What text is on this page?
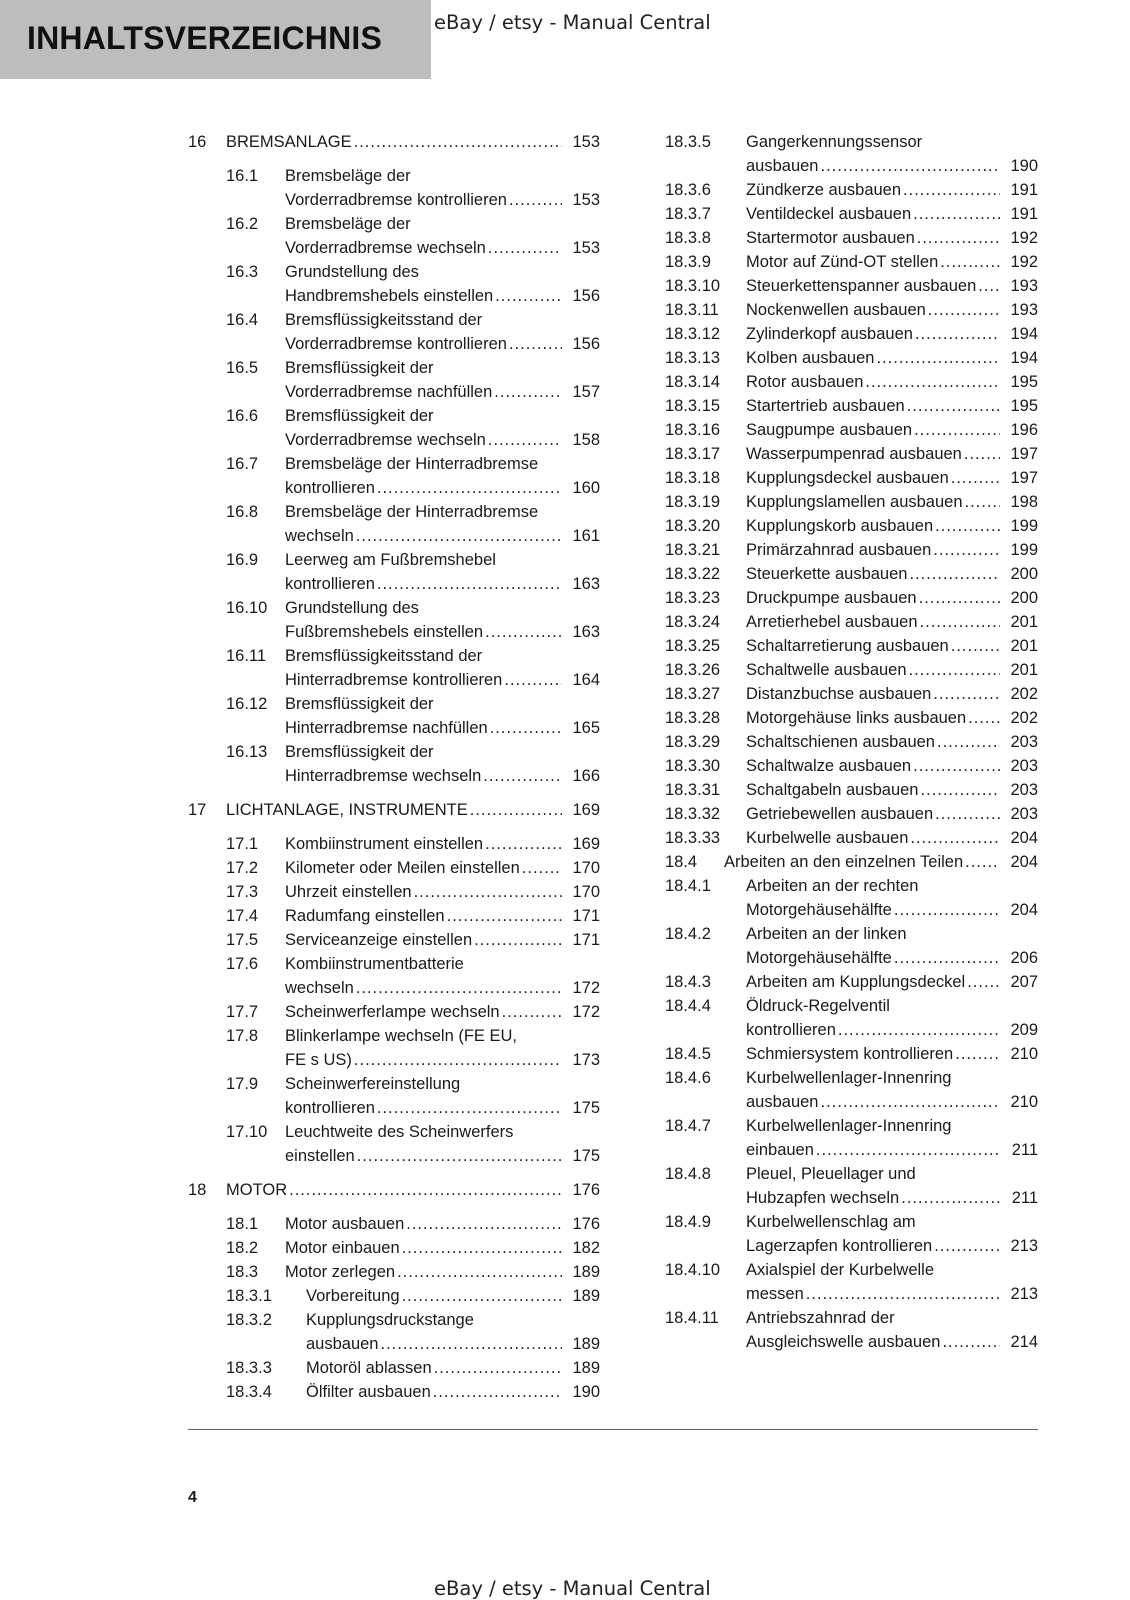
INHALTSVERZEICHNIS	eBay / etsy - Manual Central
16	BREMSANLAGE .....	153
16.1	Bremsbeläge der
Vorderradbremse kontrollieren .....	153
16.2	Bremsbeläge der
Vorderradbremse wechseln .....	153
16.3	Grundstellung des
Handbremshebels einstellen .....	156
16.4	Bremsflüssigkeitsstand der
Vorderradbremse kontrollieren .....	156
16.5	Bremsflüssigkeit der
Vorderradbremse nachfüllen .....	157
16.6	Bremsflüssigkeit der
Vorderradbremse wechseln .....	158
16.7	Bremsbeläge der Hinterradbremse
kontrollieren .....	160
16.8	Bremsbeläge der Hinterradbremse
wechseln .....	161
16.9	Leerweg am Fußbremshebel
kontrollieren .....	163
16.10	Grundstellung des
Fußbremshebels einstellen .....	163
16.11	Bremsflüssigkeitsstand der
Hinterradbremse kontrollieren .....	164
16.12	Bremsflüssigkeit der
Hinterradbremse nachfüllen .....	165
16.13	Bremsflüssigkeit der
Hinterradbremse wechseln .....	166
17	LICHTANLAGE, INSTRUMENTE .....	169
17.1	Kombiinstrument einstellen .....	169
17.2	Kilometer oder Meilen einstellen .....	170
17.3	Uhrzeit einstellen .....	170
17.4	Radumfang einstellen .....	171
17.5	Serviceanzeige einstellen .....	171
17.6	Kombiinstrumentbatterie
wechseln .....	172
17.7	Scheinwerferlampe wechseln .....	172
17.8	Blinkerlampe wechseln (FE EU,
FE s US) .....	173
17.9	Scheinwerfereinstellung
kontrollieren .....	175
17.10	Leuchtweite des Scheinwerfers
einstellen .....	175
18	MOTOR .....	176
18.1	Motor ausbauen .....	176
18.2	Motor einbauen .....	182
18.3	Motor zerlegen .....	189
18.3.1	Vorbereitung .....	189
18.3.2	Kupplungsdruckstange
ausbauen .....	189
18.3.3	Motoröl ablassen .....	189
18.3.4	Ölfilter ausbauen .....	190
18.3.5	Gangerkennungssensor
ausbauen .....	190
18.3.6	Zündkerze ausbauen .....	191
18.3.7	Ventildeckel ausbauen .....	191
18.3.8	Startermotor ausbauen .....	192
18.3.9	Motor auf Zünd-OT stellen .....	192
18.3.10	Steuerkettenspanner ausbauen .....	193
18.3.11	Nockenwellen ausbauen .....	193
18.3.12	Zylinderkopf ausbauen .....	194
18.3.13	Kolben ausbauen .....	194
18.3.14	Rotor ausbauen .....	195
18.3.15	Startertrieb ausbauen .....	195
18.3.16	Saugpumpe ausbauen .....	196
18.3.17	Wasserpumpenrad ausbauen .....	197
18.3.18	Kupplungsdeckel ausbauen .....	197
18.3.19	Kupplungslamellen ausbauen .....	198
18.3.20	Kupplungskorb ausbauen .....	199
18.3.21	Primärzahnrad ausbauen .....	199
18.3.22	Steuerkette ausbauen .....	200
18.3.23	Druckpumpe ausbauen .....	200
18.3.24	Arretierhebel ausbauen .....	201
18.3.25	Schaltarretierung ausbauen .....	201
18.3.26	Schaltwelle ausbauen .....	201
18.3.27	Distanzbuchse ausbauen .....	202
18.3.28	Motorgehäuse links ausbauen .....	202
18.3.29	Schaltschienen ausbauen .....	203
18.3.30	Schaltwalze ausbauen .....	203
18.3.31	Schaltgabeln ausbauen .....	203
18.3.32	Getriebewellen ausbauen .....	203
18.3.33	Kurbelwelle ausbauen .....	204
18.4	Arbeiten an den einzelnen Teilen .....	204
18.4.1	Arbeiten an der rechten
Motorgehäusehälfte .....	204
18.4.2	Arbeiten an der linken
Motorgehäusehälfte .....	206
18.4.3	Arbeiten am Kupplungsdeckel .....	207
18.4.4	Öldruck-Regelventil
kontrollieren .....	209
18.4.5	Schmiersystem kontrollieren .....	210
18.4.6	Kurbelwellenlager-Innenring
ausbauen .....	210
18.4.7	Kurbelwellenlager-Innenring
einbauen .....	211
18.4.8	Pleuel, Pleuellager und
Hubzapfen wechseln .....	211
18.4.9	Kurbelwellenschlag am
Lagerzapfen kontrollieren .....	213
18.4.10	Axialspiel der Kurbelwelle
messen .....	213
18.4.11	Antriebszahnrad der
Ausgleichswelle ausbauen .....	214
4
eBay / etsy - Manual Central
